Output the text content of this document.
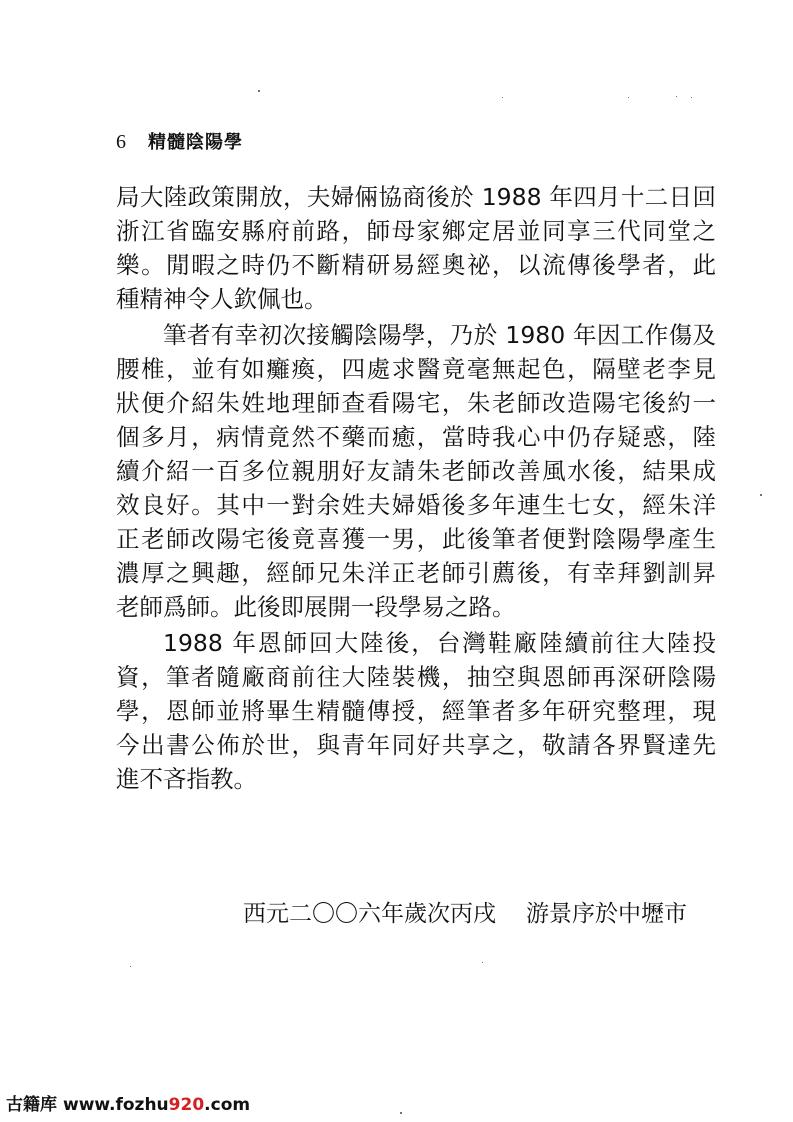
6 精髓陰陽學
局大陸政策開放，夫婦倆協商後於 1988 年四月十二日回
浙江省臨安縣府前路，師母家鄉定居並同享三代同堂之
樂。閒暇之時仍不斷精研易經奧祕，以流傳後學者，此
種精神令人欽佩也。
筆者有幸初次接觸陰陽學，乃於 1980 年因工作傷及
腰椎，並有如癱瘓，四處求醫竟毫無起色，隔壁老李見
狀便介紹朱姓地理師查看陽宅，朱老師改造陽宅後約一
個多月，病情竟然不藥而癒，當時我心中仍存疑惑，陸
續介紹一百多位親朋好友請朱老師改善風水後，結果成
效良好。其中一對余姓夫婦婚後多年連生七女，經朱洋
正老師改陽宅後竟喜獲一男，此後筆者便對陰陽學產生
濃厚之興趣，經師兄朱洋正老師引薦後，有幸拜劉訓昇
老師爲師。此後即展開一段學易之路。
1988 年恩師回大陸後，台灣鞋廠陸續前往大陸投
資，筆者隨廠商前往大陸裝機，抽空與恩師再深研陰陽
學，恩師並將畢生精髓傳授，經筆者多年研究整理，現
今出書公佈於世，與青年同好共享之，敬請各界賢達先
進不吝指教。
西元二〇〇六年歲次丙戌 游景序於中壢市
古籍库 www.fozhu920.com
